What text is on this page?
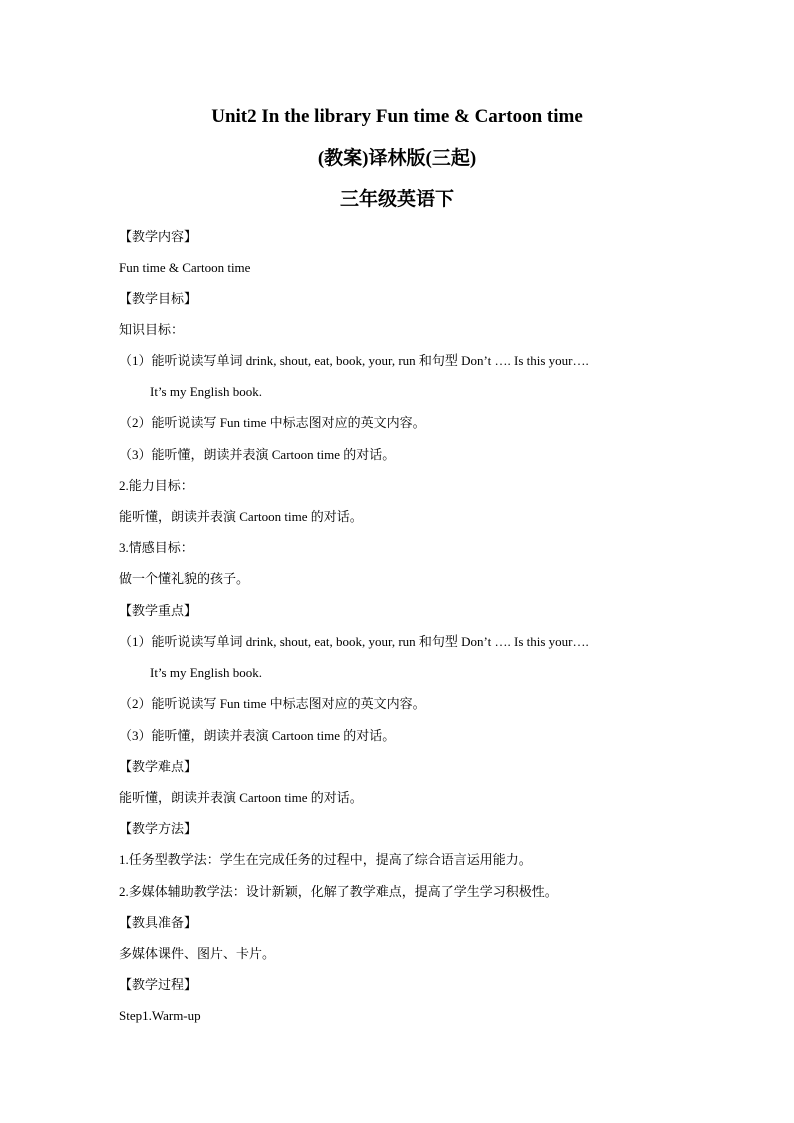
Unit2 In the library Fun time & Cartoon time
(教案)译林版(三起)
三年级英语下

【教学内容】

Fun time & Cartoon time

【教学目标】

知识目标：

（1）能听说读写单词 drink, shout, eat, book, your, run 和句型 Don’t …. Is this your….

It’s my English book.

（2）能听说读写 Fun time 中标志图对应的英文内容。

（3）能听懂，朗读并表演 Cartoon time 的对话。

2.能力目标：

能听懂，朗读并表演 Cartoon time 的对话。

3.情感目标：

做一个懂礼貌的孩子。

【教学重点】

（1）能听说读写单词 drink, shout, eat, book, your, run 和句型 Don’t …. Is this your….

It’s my English book.

（2）能听说读写 Fun time 中标志图对应的英文内容。

（3）能听懂，朗读并表演 Cartoon time 的对话。

【教学难点】

能听懂，朗读并表演 Cartoon time 的对话。

【教学方法】

1.任务型教学法：学生在完成任务的过程中，提高了综合语言运用能力。

2.多媒体辅助教学法：设计新颖，化解了教学难点，提高了学生学习积极性。

【教具准备】

多媒体课件、图片、卡片。

【教学过程】

Step1.Warm-up
